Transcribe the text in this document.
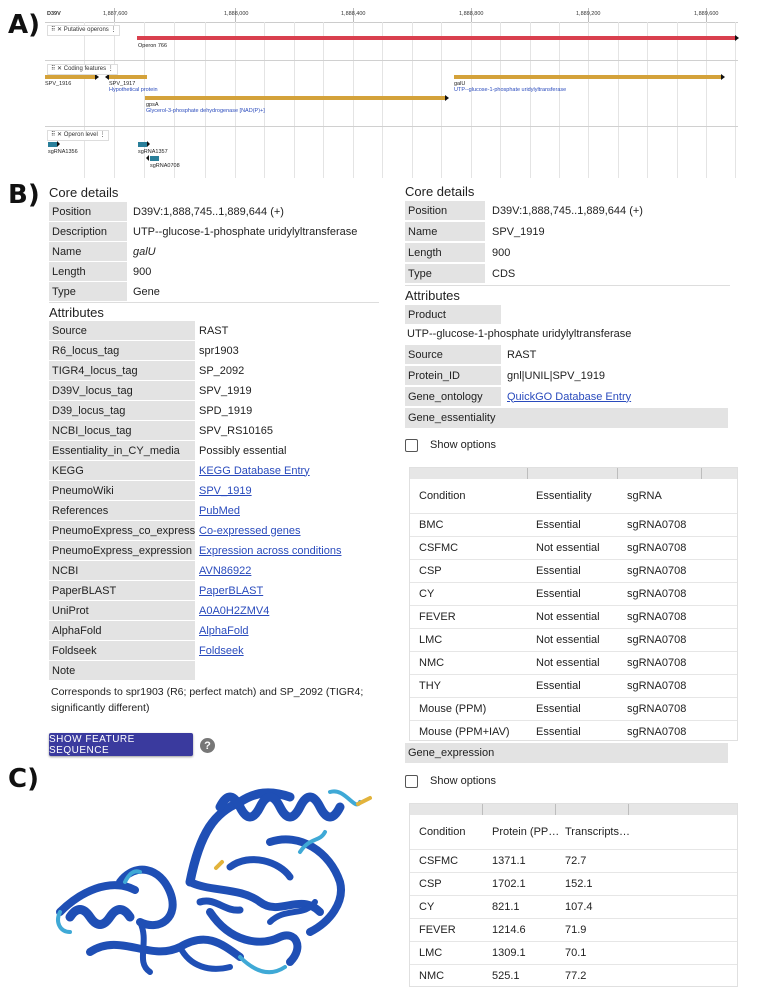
A)
B)
C)
D39V	1,887,600	1,888,000	1,888,400	1,888,800	1,889,200	1,889,600
⠿ ✕ Putative operons ⋮
Operon 766
⠿ ✕ Coding features ⋮
SPV_1916	SPV_1917
Hypothetical protein
gpsA
Glycerol-3-phosphate dehydrogenase [NAD(P)+]
galU
UTP--glucose-1-phosphate uridylyltransferase
⠿ ✕ Operon level ⋮
sgRNA1356	sgRNA1357
sgRNA0708
Core details
Position	D39V:1,888,745..1,889,644 (+)
Description	UTP--glucose-1-phosphate uridylyltransferase
Name	galU
Length	900
Type	Gene
Attributes
Source	RAST
R6_locus_tag	spr1903
TIGR4_locus_tag	SP_2092
D39V_locus_tag	SPV_1919
D39_locus_tag	SPD_1919
NCBI_locus_tag	SPV_RS10165
Essentiality_in_CY_media	Possibly essential
KEGG	KEGG Database Entry
PneumoWiki	SPV_1919
References	PubMed
PneumoExpress_co_express Co-expressed genes
PneumoExpress_expression Expression across conditions
NCBI	AVN86922
PaperBLAST	PaperBLAST
UniProt	A0A0H2ZMV4
AlphaFold	AlphaFold
Foldseek	Foldseek
Note
Corresponds to spr1903 (R6; perfect match) and SP_2092 (TIGR4;
significantly different)
SHOW FEATURE SEQUENCE	?
Core details
Position	D39V:1,888,745..1,889,644 (+)
Name	SPV_1919
Length	900
Type	CDS
Attributes
Product
UTP--glucose-1-phosphate uridylyltransferase
Source	RAST
Protein_ID	gnl|UNIL|SPV_1919
Gene_ontology	QuickGO Database Entry
Gene_essentiality
Show options
Condition	Essentiality	sgRNA
BMC	Essential	sgRNA0708
CSFMC	Not essential sgRNA0708
CSP	Essential	sgRNA0708
CY	Essential	sgRNA0708
FEVER	Not essential sgRNA0708
LMC	Not essential sgRNA0708
NMC	Not essential sgRNA0708
THY	Essential	sgRNA0708
Mouse (PPM)	Essential	sgRNA0708
Mouse (PPM+IAV) Essential	sgRNA0708
Gene_expression
Show options
Condition Protein (PP… Transcripts…
CSFMC	1371.1	72.7
CSP	1702.1	152.1
CY	821.1	107.4
FEVER	1214.6	71.9
LMC	1309.1	70.1
NMC	525.1	77.2
